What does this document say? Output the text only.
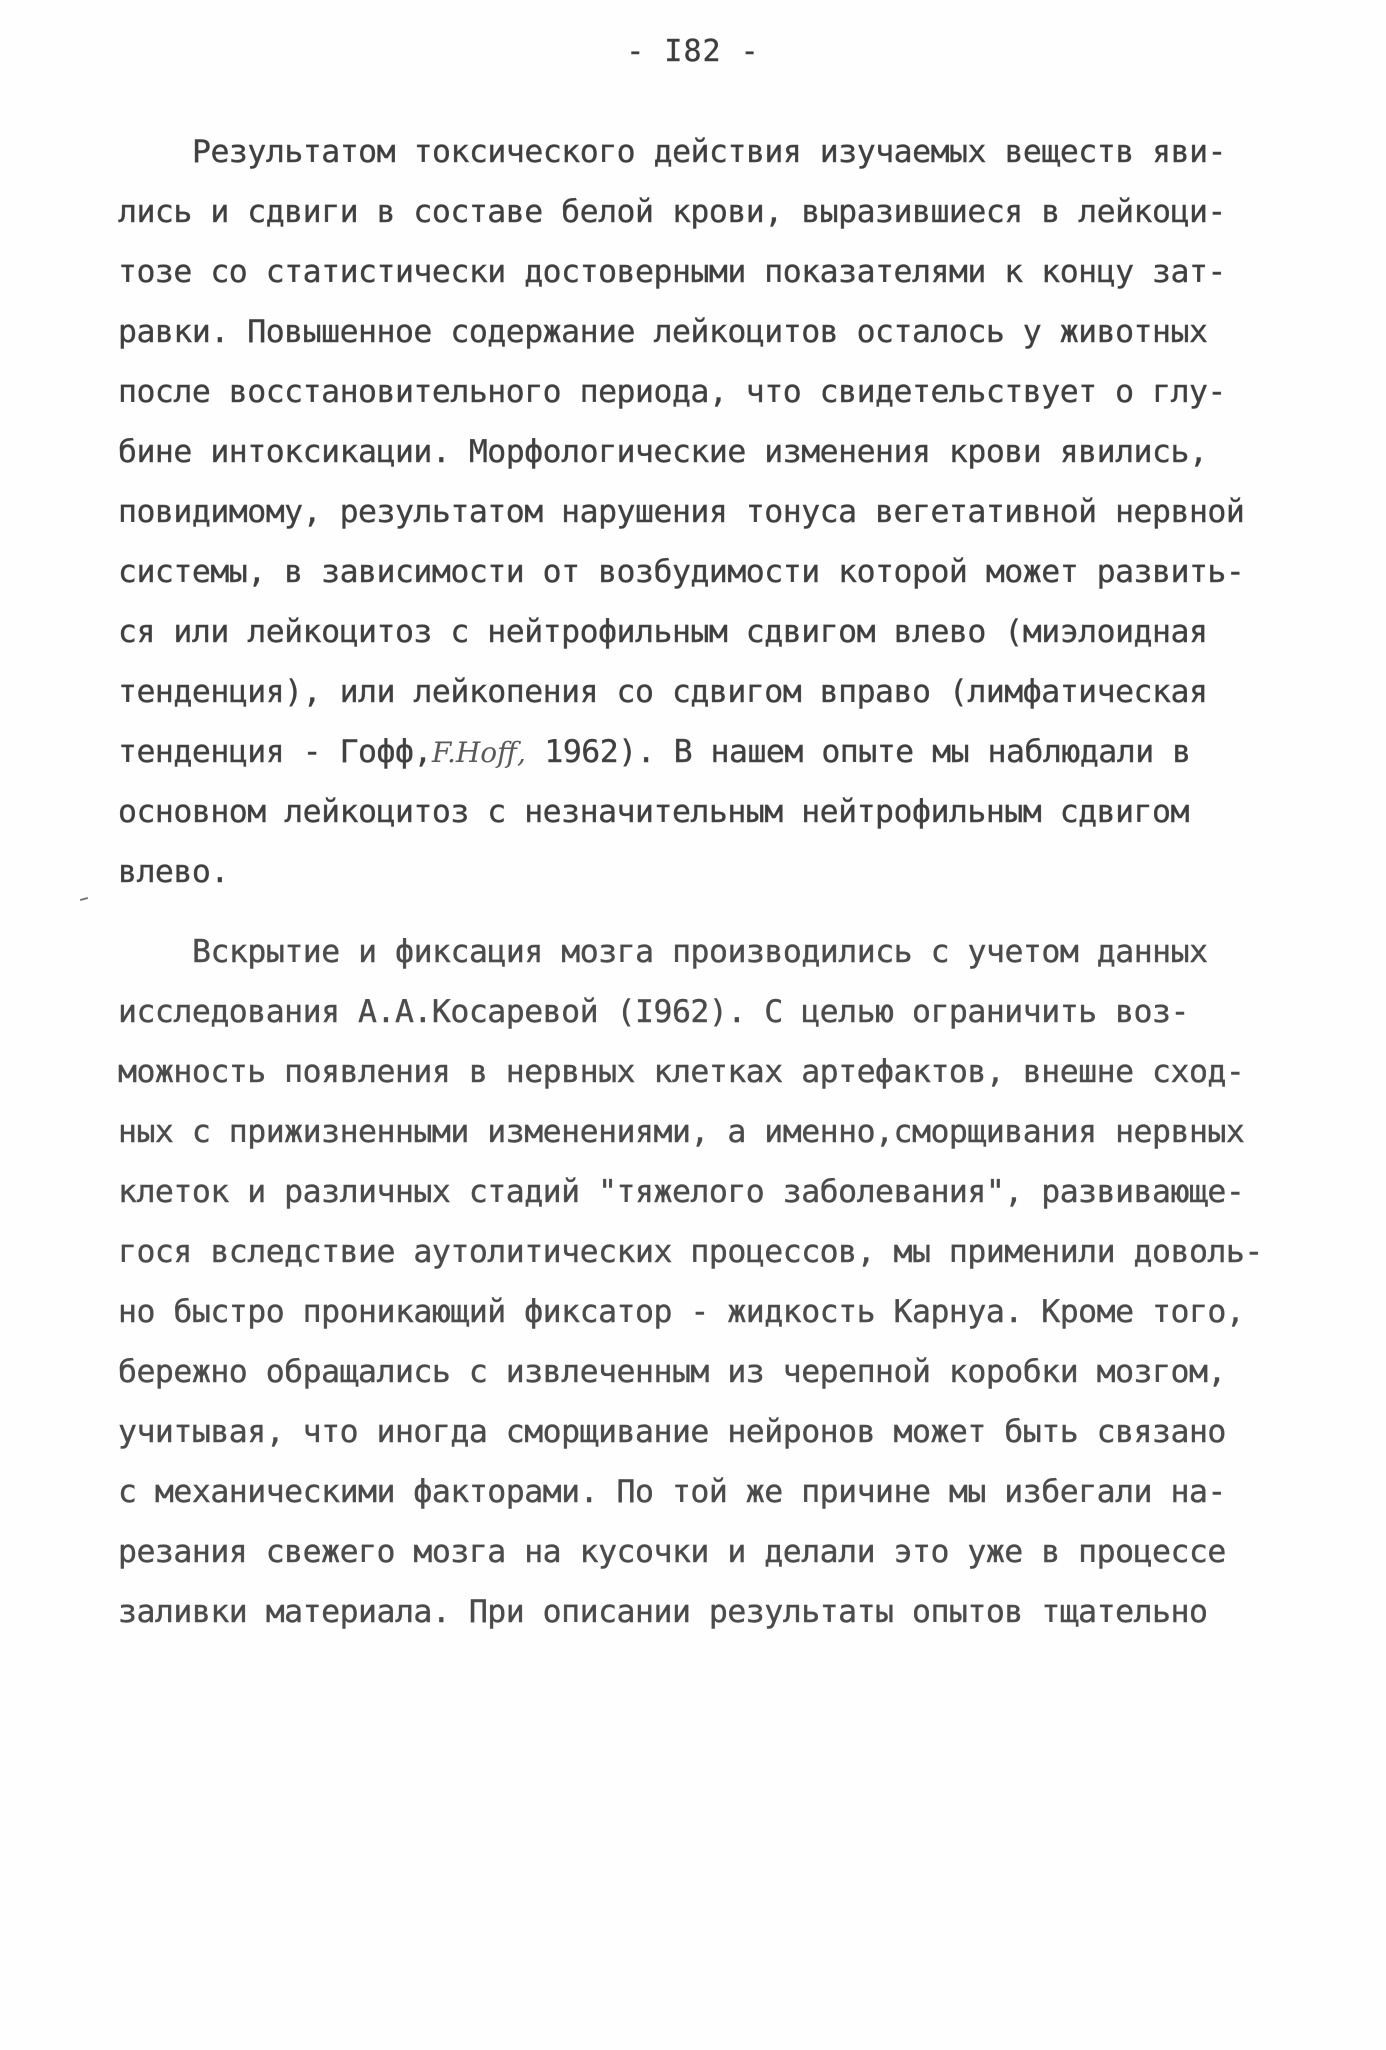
- I82 -
Результатом токсического действия изучаемых веществ яви-
лись и сдвиги в составе белой крови, выразившиеся в лейкоци-
тозе со статистически достоверными показателями к концу зат-
равки. Повышенное содержание лейкоцитов осталось у животных
после восстановительного периода, что свидетельствует о глу-
бине интоксикации. Морфологические изменения крови явились,
повидимому, результатом нарушения тонуса вегетативной нервной
системы, в зависимости от возбудимости которой может развить-
ся или лейкоцитоз с нейтрофильным сдвигом влево (миэлоидная
тенденция), или лейкопения со сдвигом вправо (лимфатическая
тенденция - Гофф,F.Hoff, 1962). В нашем опыте мы наблюдали в
основном лейкоцитоз с незначительным нейтрофильным сдвигом
влево.
Вскрытие и фиксация мозга производились с учетом данных
исследования А.А.Косаревой (I962). С целью ограничить воз-
можность появления в нервных клетках артефактов, внешне сход-
ных с прижизненными изменениями, а именно,сморщивания нервных
клеток и различных стадий "тяжелого заболевания", развивающе-
гося вследствие аутолитических процессов, мы применили доволь-
но быстро проникающий фиксатор - жидкость Карнуа. Кроме того,
бережно обращались с извлеченным из черепной коробки мозгом,
учитывая, что иногда сморщивание нейронов может быть связано
с механическими факторами. По той же причине мы избегали на-
резания свежего мозга на кусочки и делали это уже в процессе
заливки материала. При описании результаты опытов тщательно
